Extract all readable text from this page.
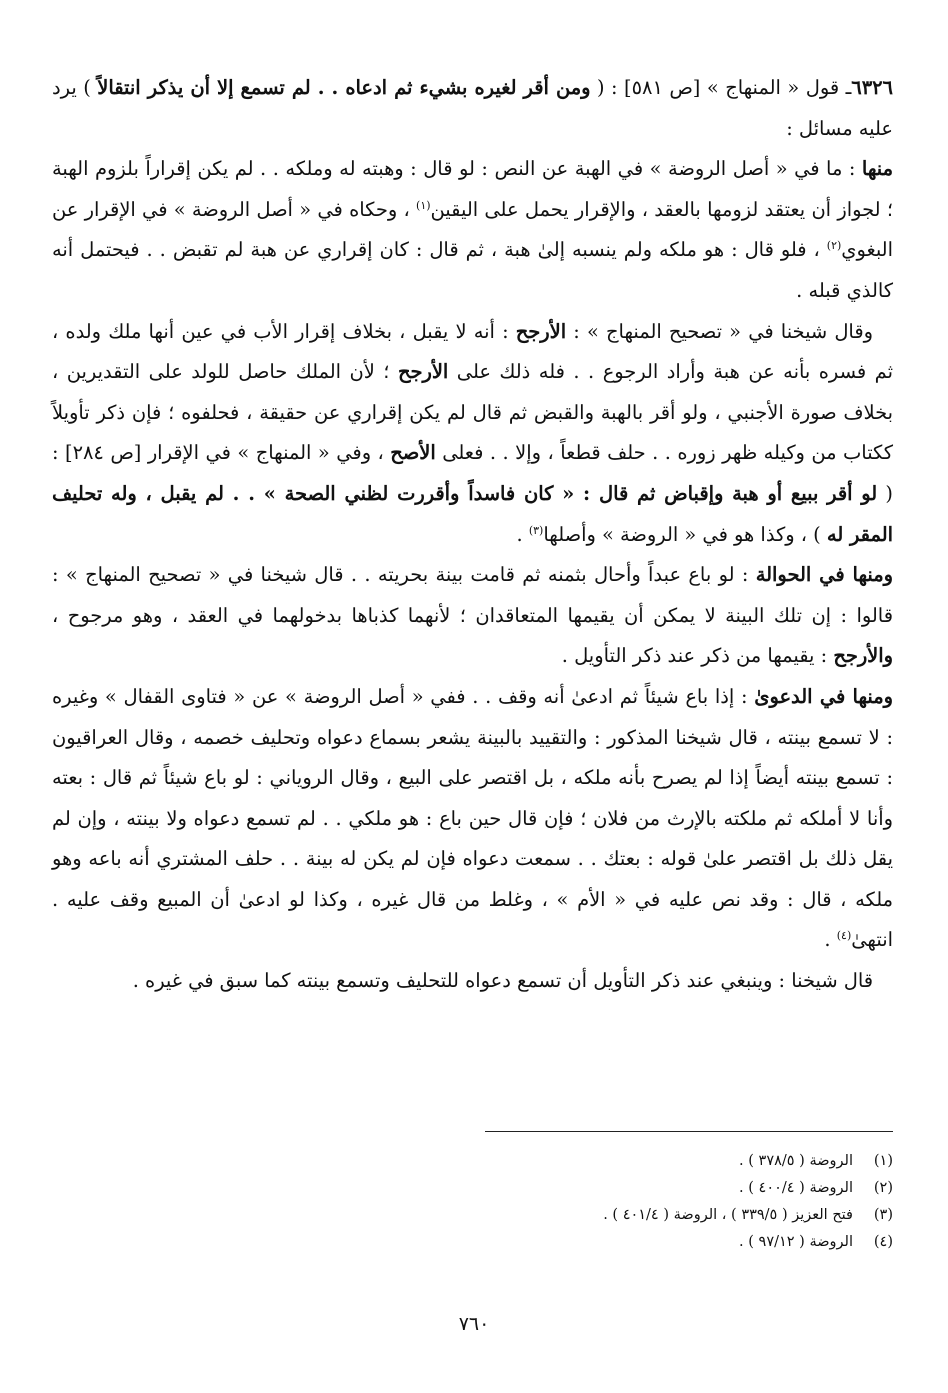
٦٣٢٦ـ قول « المنهاج » [ص ٥٨١] : ( ومن أقر لغيره بشيء ثم ادعاه . . لم تسمع إلا أن يذكر انتقالاً ) يرد عليه مسائل :

منها : ما في « أصل الروضة » في الهبة عن النص : لو قال : وهبته له وملكه . . لم يكن إقراراً بلزوم الهبة ؛ لجواز أن يعتقد لزومها بالعقد ، والإقرار يحمل على اليقين$^{(١)}$ ، وحكاه في « أصل الروضة » في الإقرار عن البغوي$^{(٢)}$ ، فلو قال : هو ملكه ولم ينسبه إلىٰ هبة ، ثم قال : كان إقراري عن هبة لم تقبض . . فيحتمل أنه كالذي قبله .

وقال شيخنا في « تصحيح المنهاج » : الأرجح : أنه لا يقبل ، بخلاف إقرار الأب في عين أنها ملك ولده ، ثم فسره بأنه عن هبة وأراد الرجوع . . فله ذلك على الأرجح ؛ لأن الملك حاصل للولد على التقديرين ، بخلاف صورة الأجنبي ، ولو أقر بالهبة والقبض ثم قال لم يكن إقراري عن حقيقة ، فحلفوه ؛ فإن ذكر تأويلاً ككتاب من وكيله ظهر زوره . . حلف قطعاً ، وإلا . . فعلى الأصح ، وفي « المنهاج » في الإقرار [ص ٢٨٤] : ( لو أقر ببيع أو هبة وإقباض ثم قال : « كان فاسداً وأقررت لظني الصحة » . . لم يقبل ، وله تحليف المقر له ) ، وكذا هو في « الروضة » وأصلها$^{(٣)}$ .

ومنها في الحوالة : لو باع عبداً وأحال بثمنه ثم قامت بينة بحريته . . قال شيخنا في « تصحيح المنهاج » : قالوا : إن تلك البينة لا يمكن أن يقيمها المتعاقدان ؛ لأنهما كذباها بدخولهما في العقد ، وهو مرجوح ، والأرجح : يقيمها من ذكر عند ذكر التأويل .

ومنها في الدعوىٰ : إذا باع شيئاً ثم ادعىٰ أنه وقف . . ففي « أصل الروضة » عن « فتاوى القفال » وغيره : لا تسمع بينته ، قال شيخنا المذكور : والتقييد بالبينة يشعر بسماع دعواه وتحليف خصمه ، وقال العراقيون : تسمع بينته أيضاً إذا لم يصرح بأنه ملكه ، بل اقتصر على البيع ، وقال الروياني : لو باع شيئاً ثم قال : بعته وأنا لا أملكه ثم ملكته بالإرث من فلان ؛ فإن قال حين باع : هو ملكي . . لم تسمع دعواه ولا بينته ، وإن لم يقل ذلك بل اقتصر علىٰ قوله : بعتك . . سمعت دعواه فإن لم يكن له بينة . . حلف المشتري أنه باعه وهو ملكه ، قال : وقد نص عليه في « الأم » ، وغلط من قال غيره ، وكذا لو ادعىٰ أن المبيع وقف عليه . انتهىٰ$^{(٤)}$ .

قال شيخنا : وينبغي عند ذكر التأويل أن تسمع دعواه للتحليف وتسمع بينته كما سبق في غيره .

(١)
الروضة ( ٣٧٨/٥ ) .
(٢)
الروضة ( ٤٠٠/٤ ) .
(٣)
فتح العزيز ( ٣٣٩/٥ ) ، الروضة ( ٤٠١/٤ ) .
(٤)
الروضة ( ٩٧/١٢ ) .
٧٦٠
